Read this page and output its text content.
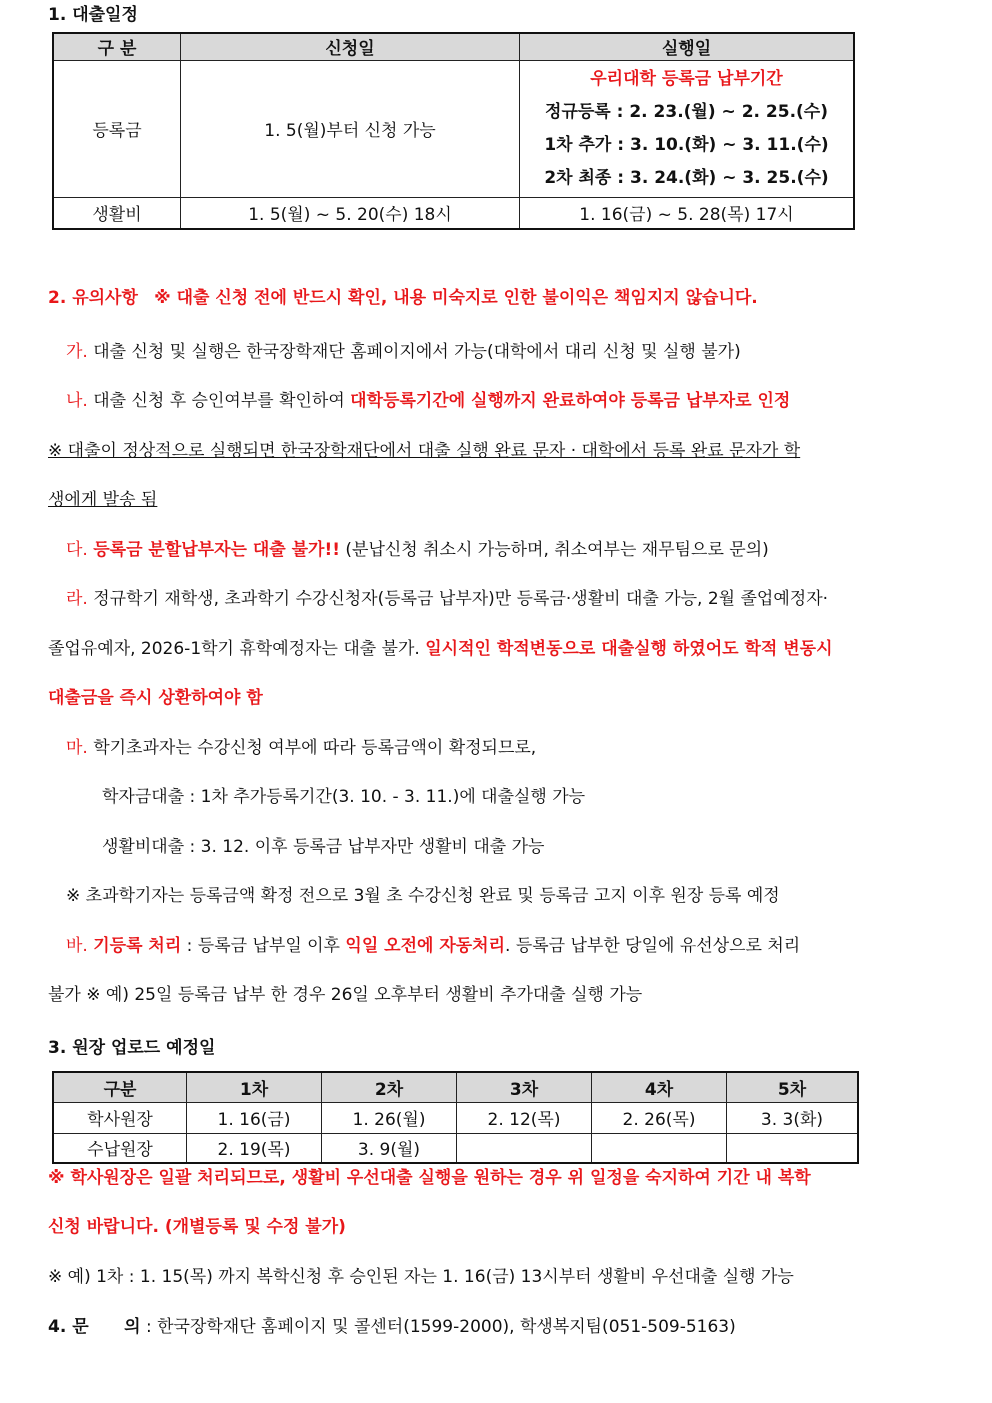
1. 대출일정
구 분	신청일	실행일
등록금	1. 5(월)부터 신청 가능	우리대학 등록금 납부기간
정규등록 : 2. 23.(월) ~ 2. 25.(수)
1차 추가 : 3. 10.(화) ~ 3. 11.(수)
2차 최종 : 3. 24.(화) ~ 3. 25.(수)

생활비	1. 5(월) ~ 5. 20(수) 18시	1. 16(금) ~ 5. 28(목) 17시
2. 유의사항 ※ 대출 신청 전에 반드시 확인, 내용 미숙지로 인한 불이익은 책임지지 않습니다.
가. 대출 신청 및 실행은 한국장학재단 홈페이지에서 가능(대학에서 대리 신청 및 실행 불가)
나. 대출 신청 후 승인여부를 확인하여 대학등록기간에 실행까지 완료하여야 등록금 납부자로 인정
※ 대출이 정상적으로 실행되면 한국장학재단에서 대출 실행 완료 문자 · 대학에서 등록 완료 문자가 학
생에게 발송 됨
다. 등록금 분할납부자는 대출 불가!! (분납신청 취소시 가능하며, 취소여부는 재무팀으로 문의)
라. 정규학기 재학생, 초과학기 수강신청자(등록금 납부자)만 등록금·생활비 대출 가능, 2월 졸업예정자·
졸업유예자, 2026-1학기 휴학예정자는 대출 불가. 일시적인 학적변동으로 대출실행 하였어도 학적 변동시
대출금을 즉시 상환하여야 함
마. 학기초과자는 수강신청 여부에 따라 등록금액이 확정되므로,
학자금대출 : 1차 추가등록기간(3. 10. - 3. 11.)에 대출실행 가능
생활비대출 : 3. 12. 이후 등록금 납부자만 생활비 대출 가능
※ 초과학기자는 등록금액 확정 전으로 3월 초 수강신청 완료 및 등록금 고지 이후 원장 등록 예정
바. 기등록 처리 : 등록금 납부일 이후 익일 오전에 자동처리. 등록금 납부한 당일에 유선상으로 처리
불가 ※ 예) 25일 등록금 납부 한 경우 26일 오후부터 생활비 추가대출 실행 가능
3. 원장 업로드 예정일
구분	1차	2차	3차	4차	5차
학사원장	1. 16(금)	1. 26(월)	2. 12(목)	2. 26(목)	3. 3(화)
수납원장	2. 19(목)	3. 9(월)			
※ 학사원장은 일괄 처리되므로, 생활비 우선대출 실행을 원하는 경우 위 일정을 숙지하여 기간 내 복학
신청 바랍니다. (개별등록 및 수정 불가)
※ 예) 1차 : 1. 15(목) 까지 복학신청 후 승인된 자는 1. 16(금) 13시부터 생활비 우선대출 실행 가능
4. 문      의 : 한국장학재단 홈페이지 및 콜센터(1599-2000), 학생복지팀(051-509-5163)
